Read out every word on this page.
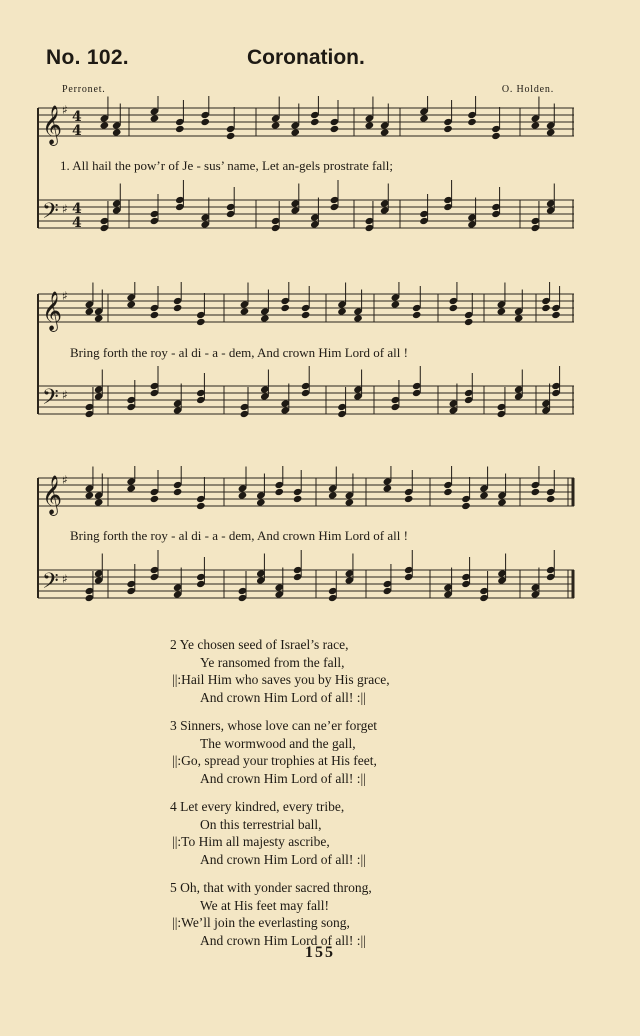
No. 102.	Coronation.
Perronet.	O. Holden.
𝄞
𝄢
♯
♯
4
4
4
4
1. All hail the pow’r of Je - sus’ name, Let an-gels prostrate fall;
𝄞
𝄢
♯
♯
Bring forth the roy - al di - a - dem, And crown Him Lord of all !
𝄞
𝄢
♯
♯
Bring forth the roy - al di - a - dem, And crown Him Lord of all !
2 Ye chosen seed of Israel’s race,
Ye ransomed from the fall,
||:Hail Him who saves you by His grace,
And crown Him Lord of all! :||
3 Sinners, whose love can ne’er forget
The wormwood and the gall,
||:Go, spread your trophies at His feet,
And crown Him Lord of all! :||
4 Let every kindred, every tribe,
On this terrestrial ball,
||:To Him all majesty ascribe,
And crown Him Lord of all! :||
5 Oh, that with yonder sacred throng,
We at His feet may fall!
||:We’ll join the everlasting song,
And crown Him Lord of all! :||
155
